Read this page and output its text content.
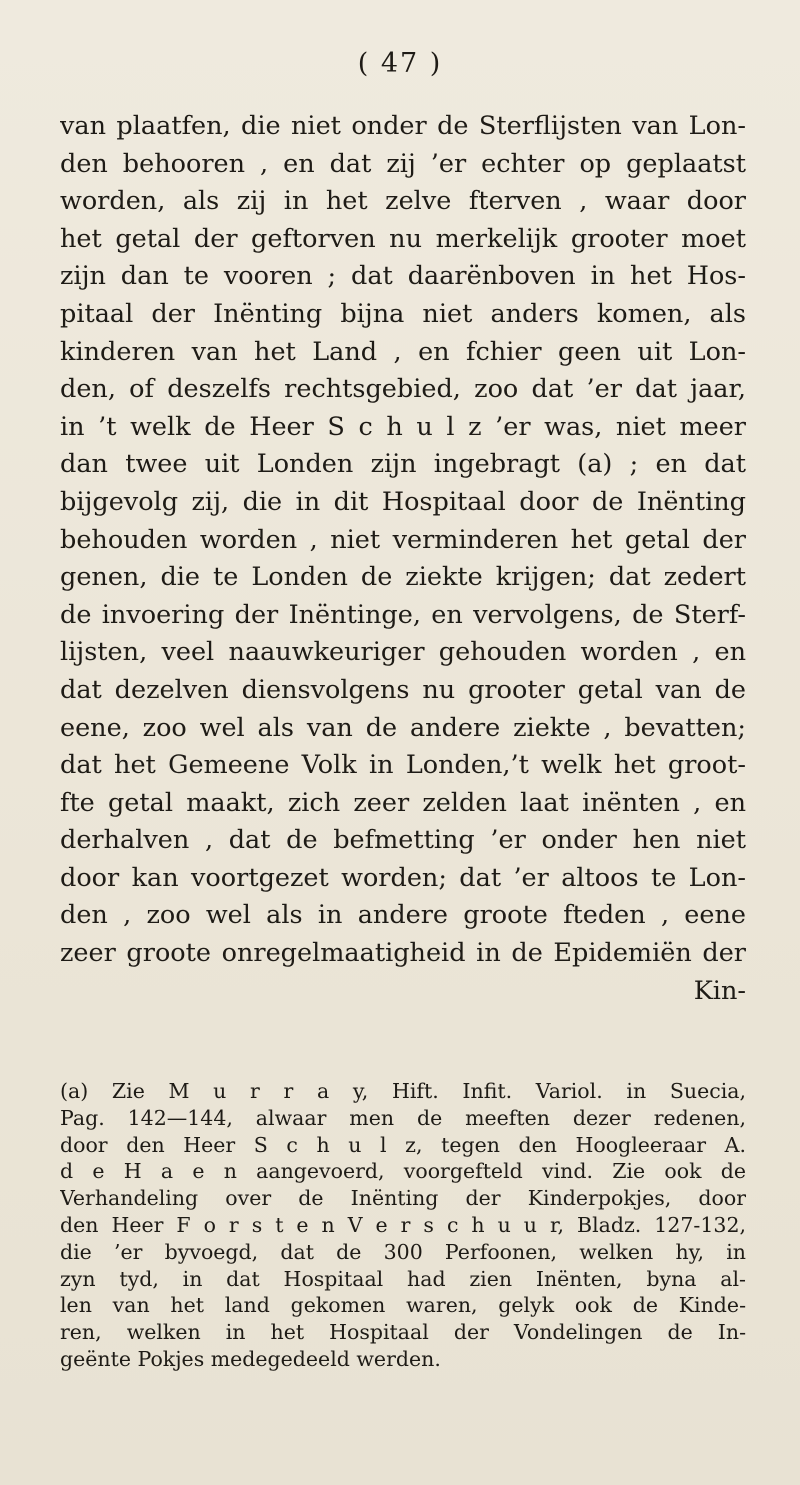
( 47 )
van plaatfen, die niet onder de Sterflijsten van Lon-
den behooren , en dat zij ’er echter op geplaatst
worden, als zij in het zelve fterven , waar door
het getal der geftorven nu merkelijk grooter moet
zijn dan te vooren ; dat daarënboven in het Hos-
pitaal der Inënting bijna niet anders komen, als
kinderen van het Land , en fchier geen uit Lon-
den, of deszelfs rechtsgebied, zoo dat ’er dat jaar,
in ’t welk de Heer S c h u l z ’er was, niet meer
dan twee uit Londen zijn ingebragt (a) ; en dat
bijgevolg zij, die in dit Hospitaal door de Inënting
behouden worden , niet verminderen het getal der
genen, die te Londen de ziekte krijgen; dat zedert
de invoering der Inëntinge, en vervolgens, de Sterf-
lijsten, veel naauwkeuriger gehouden worden , en
dat dezelven diensvolgens nu grooter getal van de
eene, zoo wel als van de andere ziekte , bevatten;
dat het Gemeene Volk in Londen,’t welk het groot-
fte getal maakt, zich zeer zelden laat inënten , en
derhalven , dat de befmetting ’er onder hen niet
door kan voortgezet worden; dat ’er altoos te Lon-
den , zoo wel als in andere groote fteden , eene
zeer groote onregelmaatigheid in de Epidemiën der
Kin-
(a) Zie M u r r a y, Hift. Infit. Variol. in Suecia,
Pag. 142—144, alwaar men de meeften dezer redenen,
door den Heer S c h u l z, tegen den Hoogleeraar A.
d e H a e n aangevoerd, voorgefteld vind. Zie ook de
Verhandeling over de Inënting der Kinderpokjes, door
den Heer F o r s t e n V e r s c h u u r, Bladz. 127-132,
die ’er byvoegd, dat de 300 Perfoonen, welken hy, in
zyn tyd, in dat Hospitaal had zien Inënten, byna al-
len van het land gekomen waren, gelyk ook de Kinde-
ren, welken in het Hospitaal der Vondelingen de In-
geënte Pokjes medegedeeld werden.
